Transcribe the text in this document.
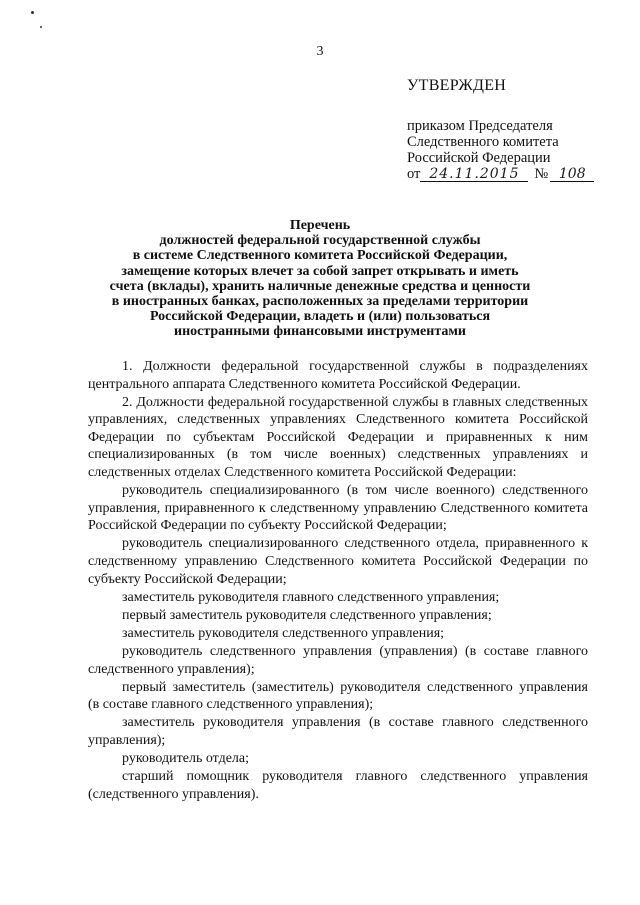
3
УТВЕРЖДЕН
приказом Председателя
Следственного комитета
Российской Федерации
от 24.11.2015 № 108
Перечень
должностей федеральной государственной службы
в системе Следственного комитета Российской Федерации,
замещение которых влечет за собой запрет открывать и иметь
счета (вклады), хранить наличные денежные средства и ценности
в иностранных банках, расположенных за пределами территории
Российской Федерации, владеть и (или) пользоваться
иностранными финансовыми инструментами

1. Должности федеральной государственной службы в подразделениях центрального аппарата Следственного комитета Российской Федерации.

2. Должности федеральной государственной службы в главных следственных управлениях, следственных управлениях Следственного комитета Российской Федерации по субъектам Российской Федерации и приравненных к ним специализированных (в том числе военных) следственных управлениях и следственных отделах Следственного комитета Российской Федерации:

руководитель специализированного (в том числе военного) следственного управления, приравненного к следственному управлению Следственного комитета Российской Федерации по субъекту Российской Федерации;

руководитель специализированного следственного отдела, приравненного к следственному управлению Следственного комитета Российской Федерации по субъекту Российской Федерации;

заместитель руководителя главного следственного управления;

первый заместитель руководителя следственного управления;

заместитель руководителя следственного управления;

руководитель следственного управления (управления) (в составе главного следственного управления);

первый заместитель (заместитель) руководителя следственного управления (в составе главного следственного управления);

заместитель руководителя управления (в составе главного следственного управления);

руководитель отдела;

старший помощник руководителя главного следственного управления (следственного управления).
